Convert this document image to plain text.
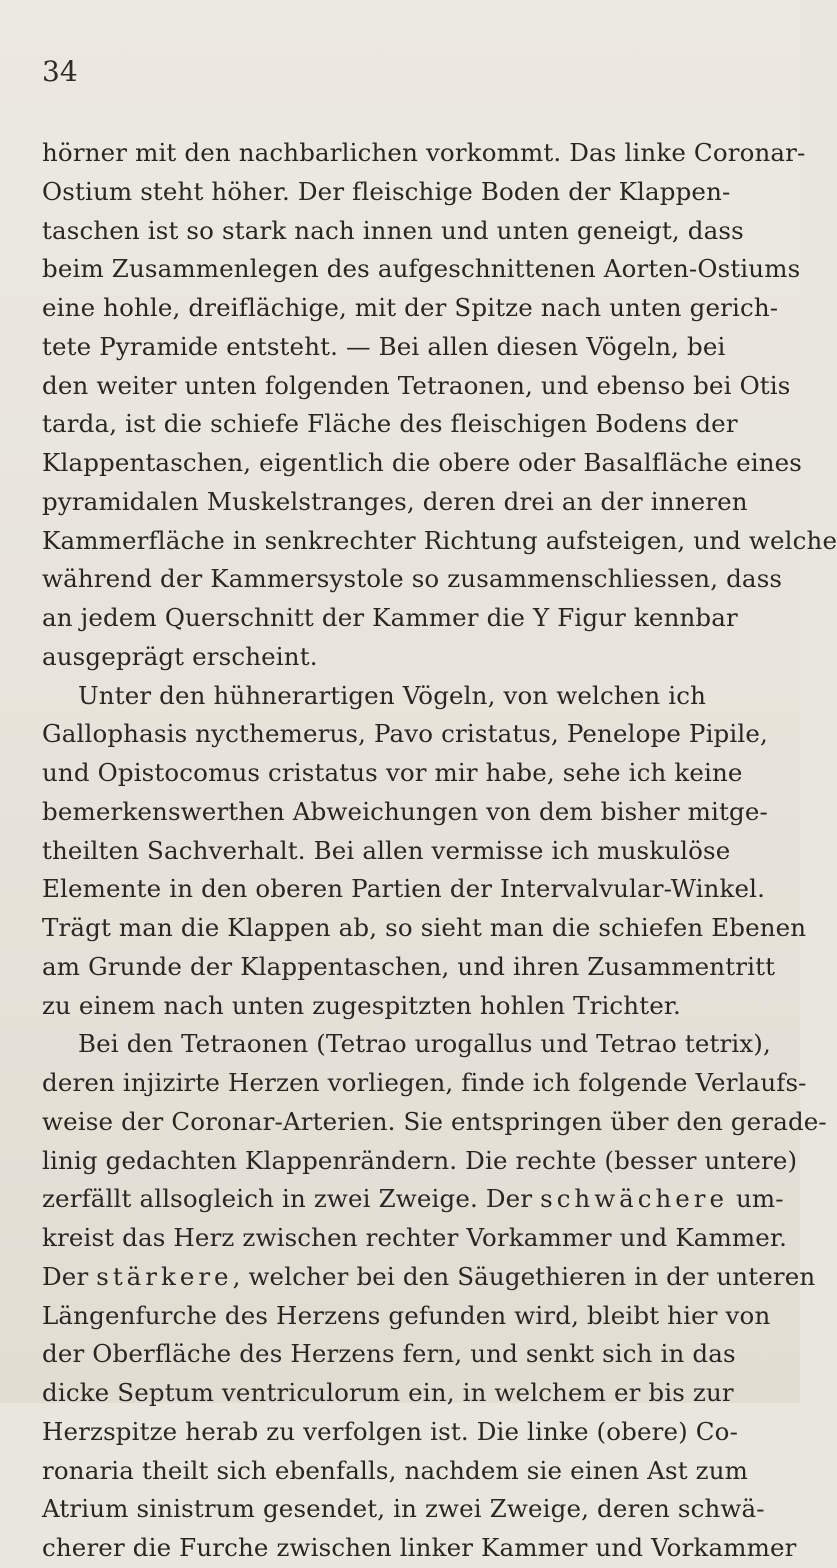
34
hörner mit den nachbarlichen vorkommt. Das linke Coronar-
Ostium steht höher. Der fleischige Boden der Klappen-
taschen ist so stark nach innen und unten geneigt, dass
beim Zusammenlegen des aufgeschnittenen Aorten-Ostiums
eine hohle, dreiflächige, mit der Spitze nach unten gerich-
tete Pyramide entsteht. — Bei allen diesen Vögeln, bei
den weiter unten folgenden Tetraonen, und ebenso bei Otis
tarda, ist die schiefe Fläche des fleischigen Bodens der
Klappentaschen, eigentlich die obere oder Basalfläche eines
pyramidalen Muskelstranges, deren drei an der inneren
Kammerfläche in senkrechter Richtung aufsteigen, und welche
während der Kammersystole so zusammenschliessen, dass
an jedem Querschnitt der Kammer die Y Figur kennbar
ausgeprägt erscheint.
Unter den hühnerartigen Vögeln, von welchen ich
Gallophasis nycthemerus, Pavo cristatus, Penelope Pipile,
und Opistocomus cristatus vor mir habe, sehe ich keine
bemerkenswerthen Abweichungen von dem bisher mitge-
theilten Sachverhalt. Bei allen vermisse ich muskulöse
Elemente in den oberen Partien der Intervalvular-Winkel.
Trägt man die Klappen ab, so sieht man die schiefen Ebenen
am Grunde der Klappentaschen, und ihren Zusammentritt
zu einem nach unten zugespitzten hohlen Trichter.
Bei den Tetraonen (Tetrao urogallus und Tetrao tetrix),
deren injizirte Herzen vorliegen, finde ich folgende Verlaufs-
weise der Coronar-Arterien. Sie entspringen über den gerade-
linig gedachten Klappenrändern. Die rechte (besser untere)
zerfällt allsogleich in zwei Zweige. Der schwächere um-
kreist das Herz zwischen rechter Vorkammer und Kammer.
Der stärkere, welcher bei den Säugethieren in der unteren
Längenfurche des Herzens gefunden wird, bleibt hier von
der Oberfläche des Herzens fern, und senkt sich in das
dicke Septum ventriculorum ein, in welchem er bis zur
Herzspitze herab zu verfolgen ist. Die linke (obere) Co-
ronaria theilt sich ebenfalls, nachdem sie einen Ast zum
Atrium sinistrum gesendet, in zwei Zweige, deren schwä-
cherer die Furche zwischen linker Kammer und Vorkammer
